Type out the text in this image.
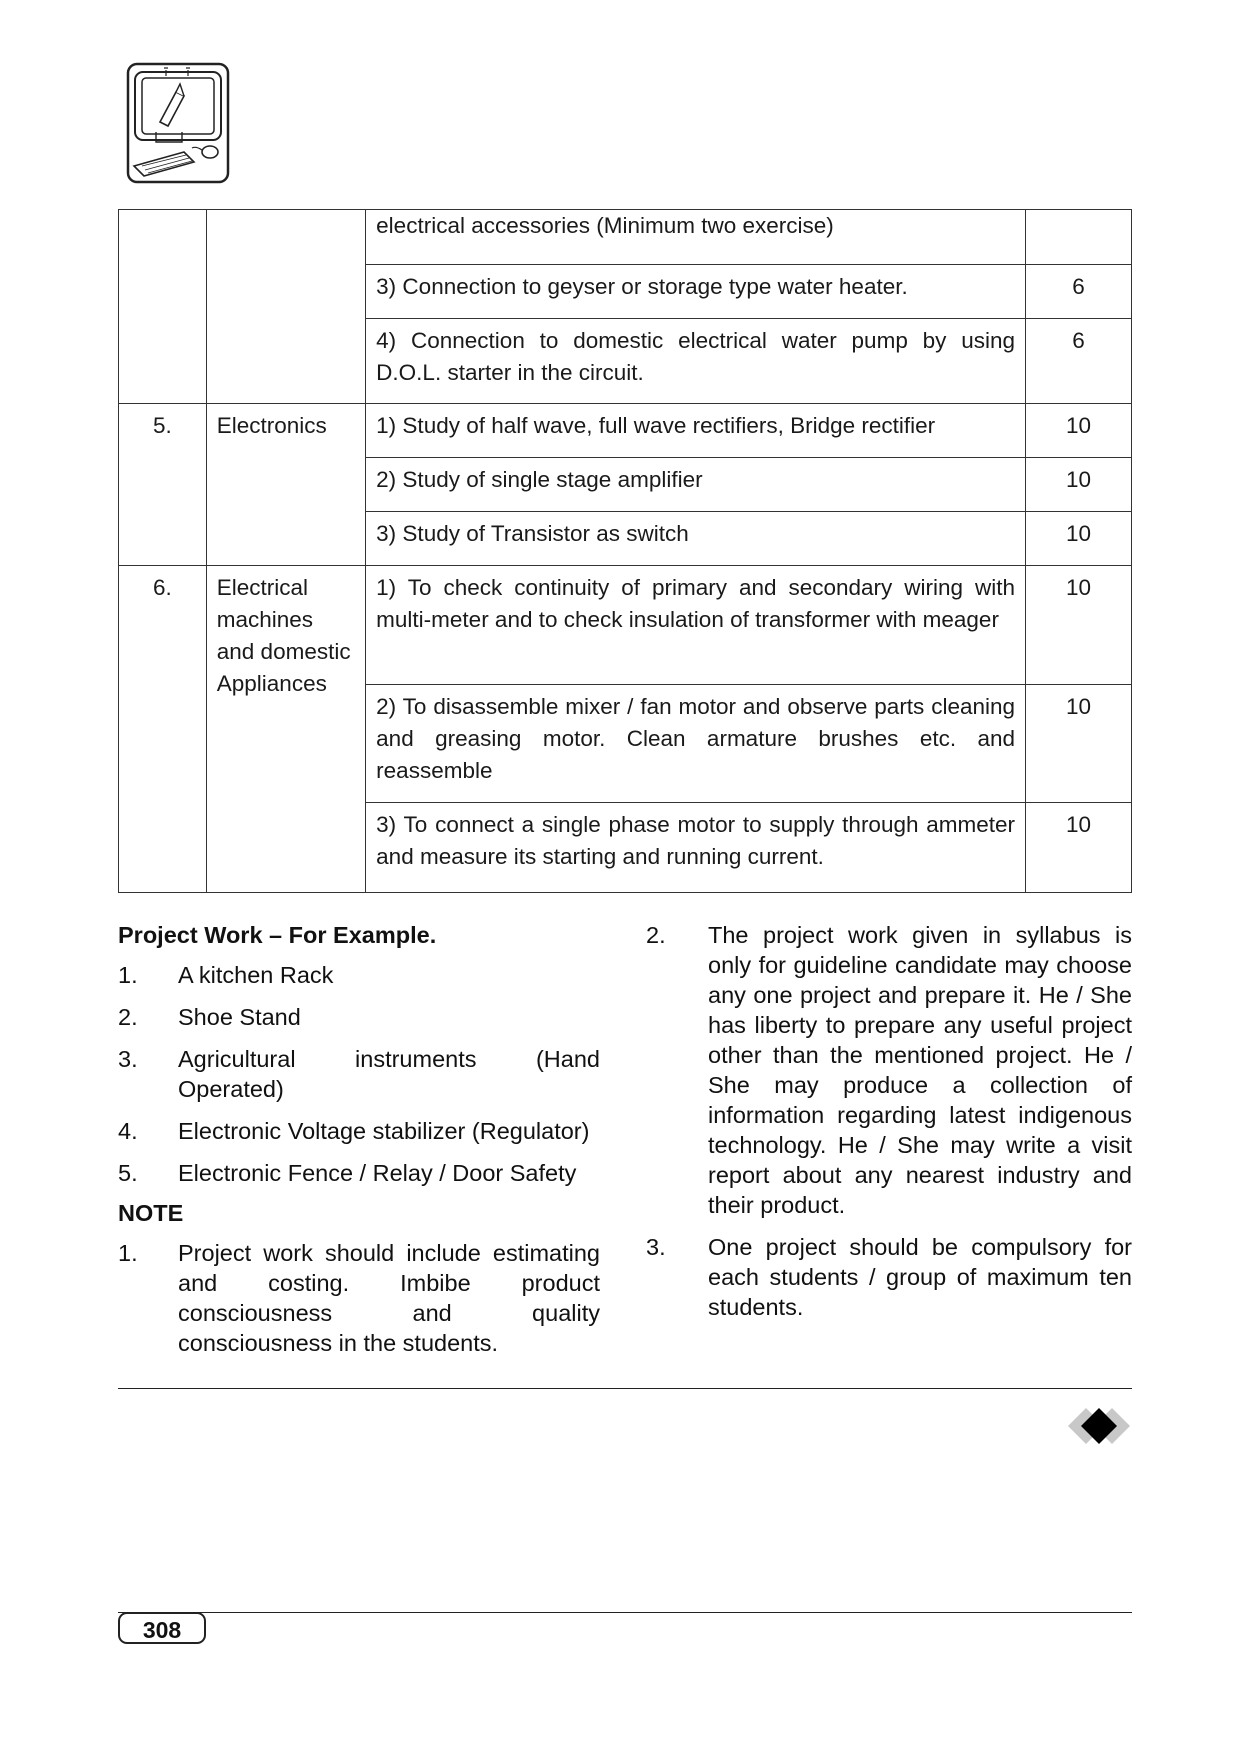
		electrical accessories (Minimum two exercise)	

		3) Connection to geyser or storage type water heater.	6

		4) Connection to domestic electrical water pump by using D.O.L. starter in the circuit.	6

5.	Electronics	1) Study of half wave, full wave rectifiers, Bridge rectifier	10

		2) Study of single stage amplifier	10

		3) Study of Transistor as switch	10

6.	Electrical machines and domestic Appliances	1) To check continuity of primary and secondary wiring with multi-meter and to check insulation of transformer with meager	10

		2) To disassemble mixer / fan motor and observe parts cleaning and greasing motor. Clean armature brushes etc. and reassemble	10

		3) To connect a single phase motor to supply through ammeter and measure its starting and running current.	10
Project Work – For Example.
1.	A kitchen Rack
2.	Shoe Stand
3.	Agricultural instruments (Hand Operated)
4.	Electronic Voltage stabilizer (Regulator)
5.	Electronic Fence / Relay / Door Safety
NOTE
1.	Project work should include estimating and costing. Imbibe product consciousness and quality consciousness in the students.
2.	The project work given in syllabus is only for guideline candidate may choose any one project and prepare it. He / She has liberty to prepare any useful project other than the mentioned project. He / She may produce a collection of information regarding latest indigenous technology. He / She may write a visit report about any nearest industry and their product.
3.	One project should be compulsory for each students / group of maximum ten students.
308
